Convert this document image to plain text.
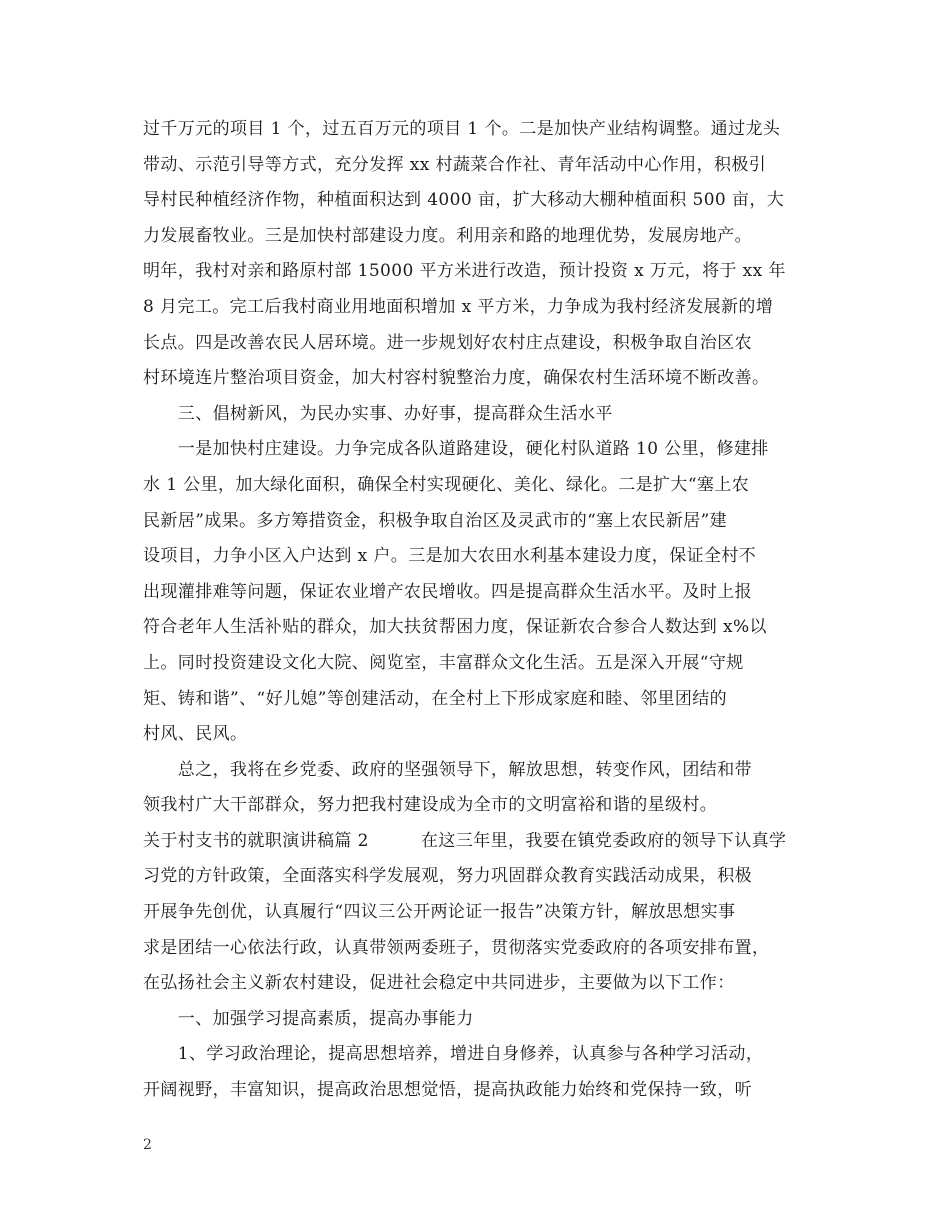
过千万元的项目 1 个，过五百万元的项目 1 个。二是加快产业结构调整。通过龙头
带动、示范引导等方式，充分发挥 xx 村蔬菜合作社、青年活动中心作用，积极引
导村民种植经济作物，种植面积达到 4000 亩，扩大移动大棚种植面积 500 亩，大
力发展畜牧业。三是加快村部建设力度。利用亲和路的地理优势，发展房地产。
明年，我村对亲和路原村部 15000 平方米进行改造，预计投资 x 万元，将于 xx 年
8 月完工。完工后我村商业用地面积增加 x 平方米，力争成为我村经济发展新的增
长点。四是改善农民人居环境。进一步规划好农村庄点建设，积极争取自治区农
村环境连片整治项目资金，加大村容村貌整治力度，确保农村生活环境不断改善。
　　三、倡树新风，为民办实事、办好事，提高群众生活水平
　　一是加快村庄建设。力争完成各队道路建设，硬化村队道路 10 公里，修建排
水 1 公里，加大绿化面积，确保全村实现硬化、美化、绿化。二是扩大“塞上农
民新居”成果。多方筹措资金，积极争取自治区及灵武市的“塞上农民新居”建
设项目，力争小区入户达到 x 户。三是加大农田水利基本建设力度，保证全村不
出现灌排难等问题，保证农业增产农民增收。四是提高群众生活水平。及时上报
符合老年人生活补贴的群众，加大扶贫帮困力度，保证新农合参合人数达到 x%以
上。同时投资建设文化大院、阅览室，丰富群众文化生活。五是深入开展“守规
矩、铸和谐”、“好儿媳”等创建活动，在全村上下形成家庭和睦、邻里团结的
村风、民风。
　　总之，我将在乡党委、政府的坚强领导下，解放思想，转变作风，团结和带
领我村广大干部群众，努力把我村建设成为全市的文明富裕和谐的星级村。
关于村支书的就职演讲稿篇 2　　　在这三年里，我要在镇党委政府的领导下认真学
习党的方针政策，全面落实科学发展观，努力巩固群众教育实践活动成果，积极
开展争先创优，认真履行“四议三公开两论证一报告”决策方针，解放思想实事
求是团结一心依法行政，认真带领两委班子，贯彻落实党委政府的各项安排布置，
在弘扬社会主义新农村建设，促进社会稳定中共同进步，主要做为以下工作：
　　一、加强学习提高素质，提高办事能力
　　1、学习政治理论，提高思想培养，增进自身修养，认真参与各种学习活动，
开阔视野，丰富知识，提高政治思想觉悟，提高执政能力始终和党保持一致，听
2
